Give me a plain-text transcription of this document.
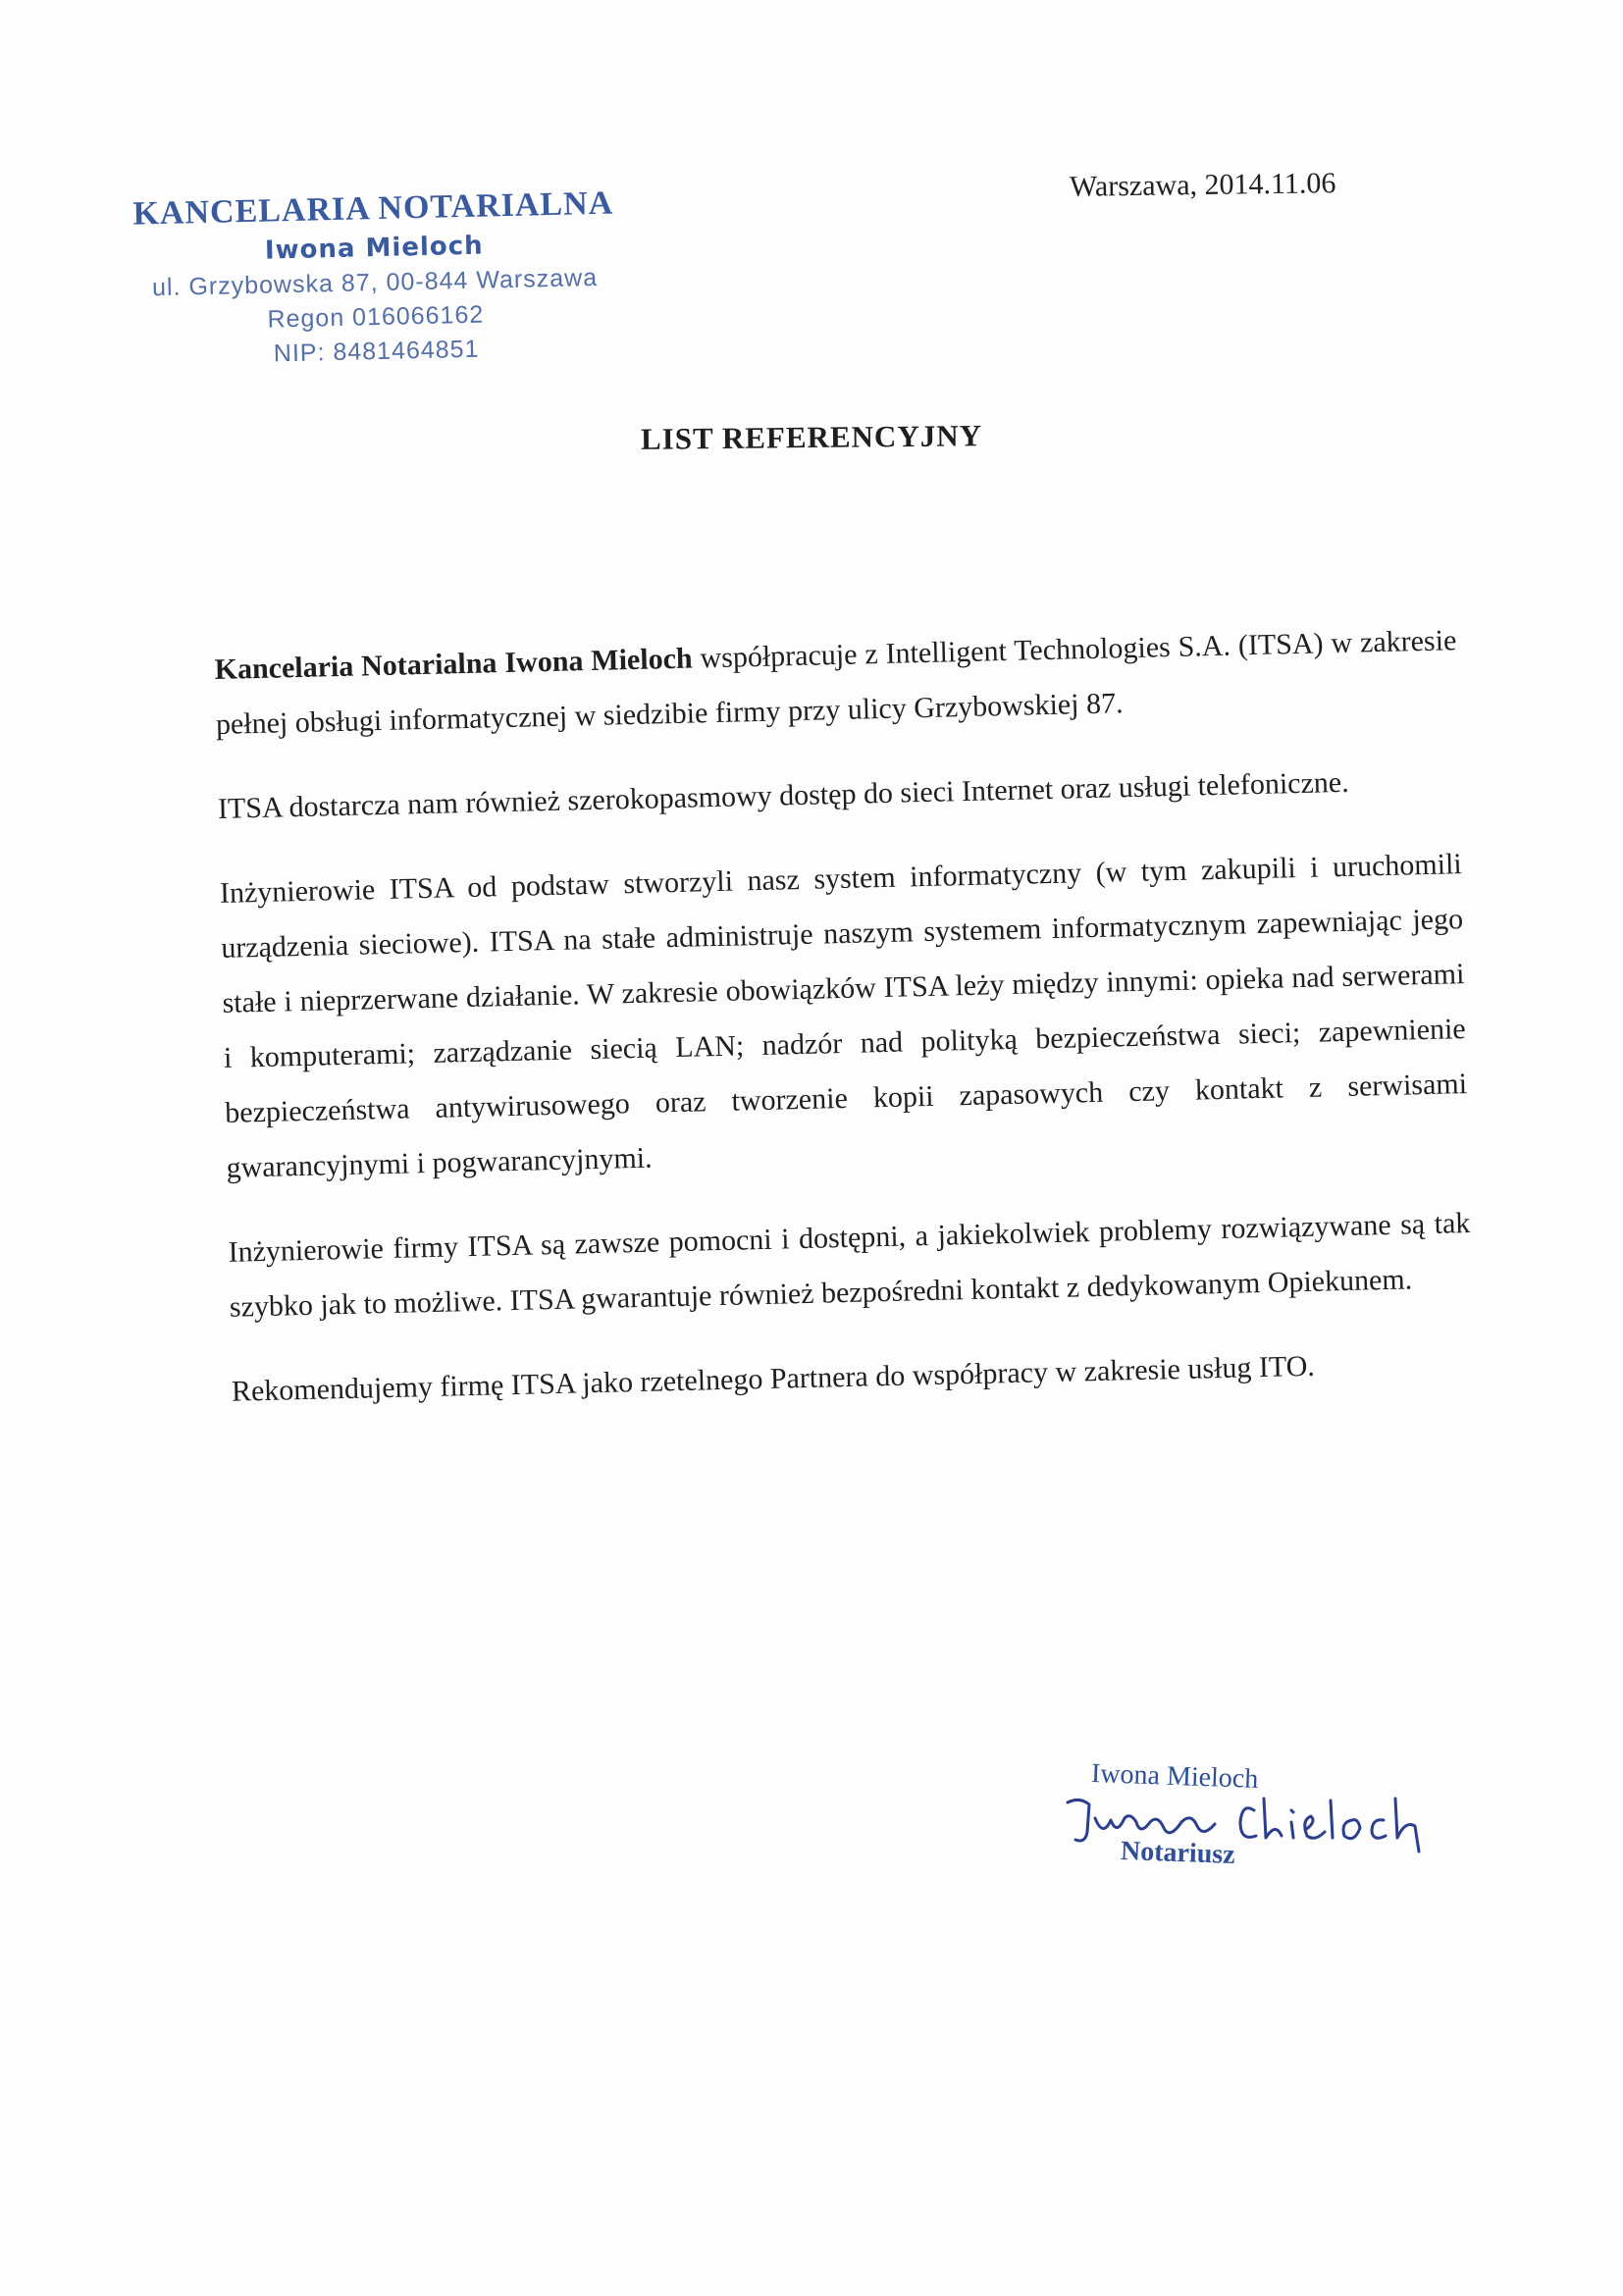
KANCELARIA NOTARIALNA
Iwona Mieloch
ul. Grzybowska 87, 00-844 Warszawa
Regon 016066162
NIP: 8481464851
Warszawa, 2014.11.06
LIST REFERENCYJNY

Kancelaria Notarialna Iwona Mieloch współpracuje z Intelligent Technologies S.A. (ITSA) w zakresie pełnej obsługi informatycznej w siedzibie firmy przy ulicy Grzybowskiej 87.

ITSA dostarcza nam również szerokopasmowy dostęp do sieci Internet oraz usługi telefoniczne.

Inżynierowie ITSA od podstaw stworzyli nasz system informatyczny (w tym zakupili i uruchomili urządzenia sieciowe). ITSA na stałe administruje naszym systemem informatycznym zapewniając jego stałe i nieprzerwane działanie. W zakresie obowiązków ITSA leży między innymi: opieka nad serwerami i komputerami; zarządzanie siecią LAN; nadzór nad polityką bezpieczeństwa sieci; zapewnienie bezpieczeństwa antywirusowego oraz tworzenie kopii zapasowych czy kontakt z serwisami gwarancyjnymi i pogwarancyjnymi.

Inżynierowie firmy ITSA są zawsze pomocni i dostępni, a jakiekolwiek problemy rozwiązywane są tak szybko jak to możliwe. ITSA gwarantuje również bezpośredni kontakt z dedykowanym Opiekunem.

Rekomendujemy firmę ITSA jako rzetelnego Partnera do współpracy w zakresie usług ITO.

Iwona Mieloch
Notariusz
